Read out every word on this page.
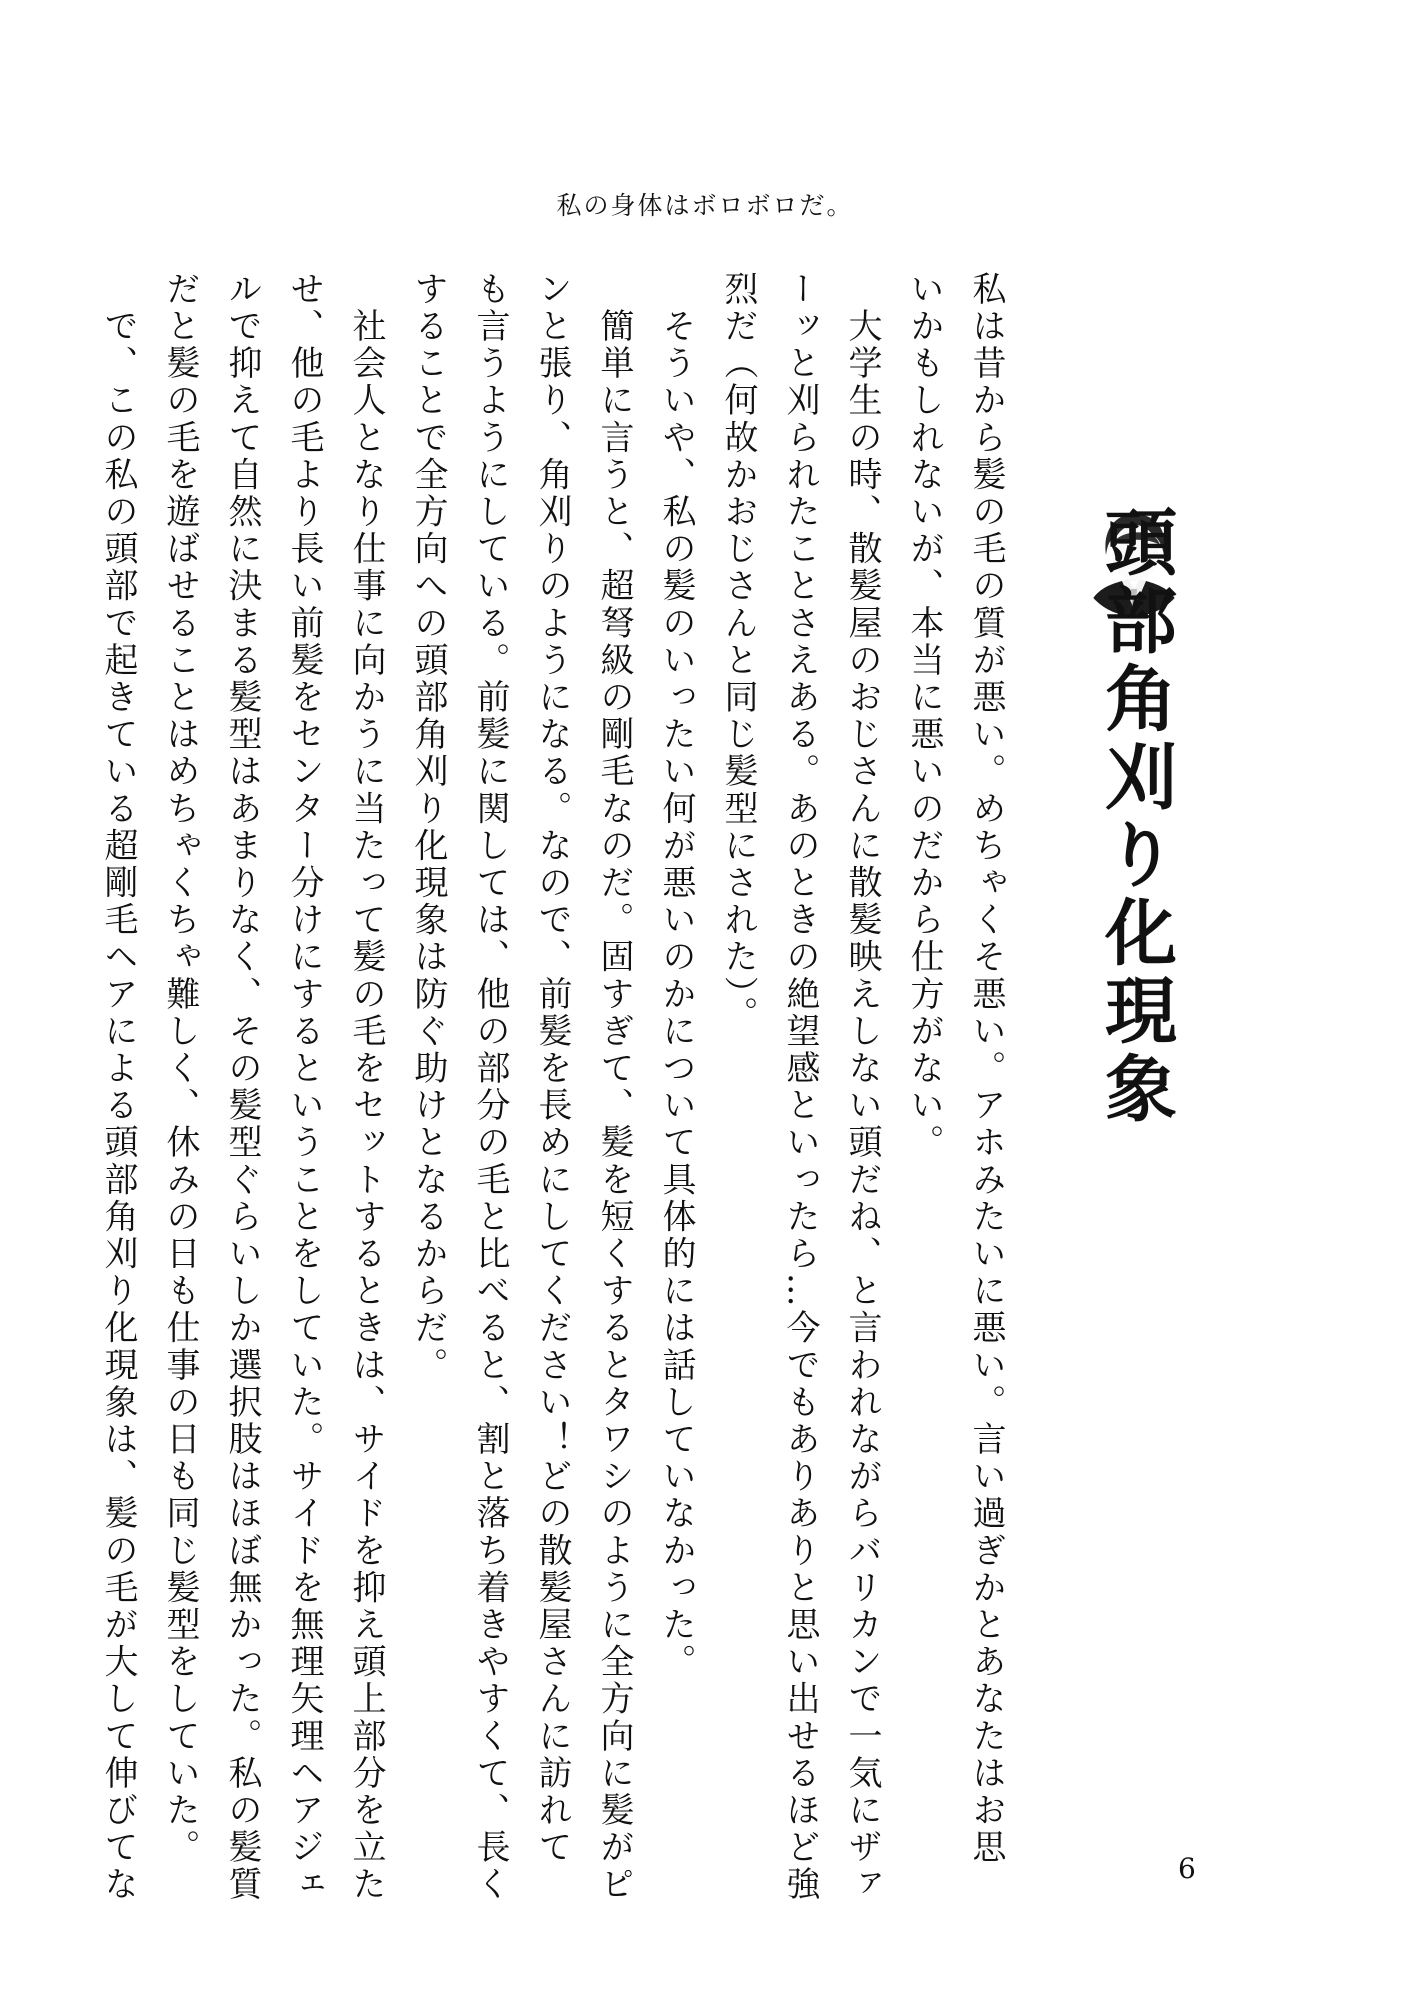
私の身体はボロボロだ。
頭部角刈り化現象

私は昔から髪の毛の質が悪い。めちゃくそ悪い。アホみたいに悪い。言い過ぎかとあなたはお思

いかもしれないが、本当に悪いのだから仕方がない。

　大学生の時、散髪屋のおじさんに散髪映えしない頭だね、と言われながらバリカンで一気にザァ

ーッと刈られたことさえある。あのときの絶望感といったら…今でもありありと思い出せるほど強

烈だ（何故かおじさんと同じ髪型にされた）。

　そういや、私の髪のいったい何が悪いのかについて具体的には話していなかった。

　簡単に言うと、超弩級の剛毛なのだ。固すぎて、髪を短くするとタワシのように全方向に髪がピ

ンと張り、角刈りのようになる。なので、前髪を長めにしてください！どの散髪屋さんに訪れて

も言うようにしている。前髪に関しては、他の部分の毛と比べると、割と落ち着きやすくて、長く

することで全方向への頭部角刈り化現象は防ぐ助けとなるからだ。

　社会人となり仕事に向かうに当たって髪の毛をセットするときは、サイドを抑え頭上部分を立た

せ、他の毛より長い前髪をセンター分けにするということをしていた。サイドを無理矢理ヘアジェ

ルで抑えて自然に決まる髪型はあまりなく、その髪型ぐらいしか選択肢はほぼ無かった。私の髪質

だと髪の毛を遊ばせることはめちゃくちゃ難しく、休みの日も仕事の日も同じ髪型をしていた。

　で、この私の頭部で起きている超剛毛ヘアによる頭部角刈り化現象は、髪の毛が大して伸びてな	6
